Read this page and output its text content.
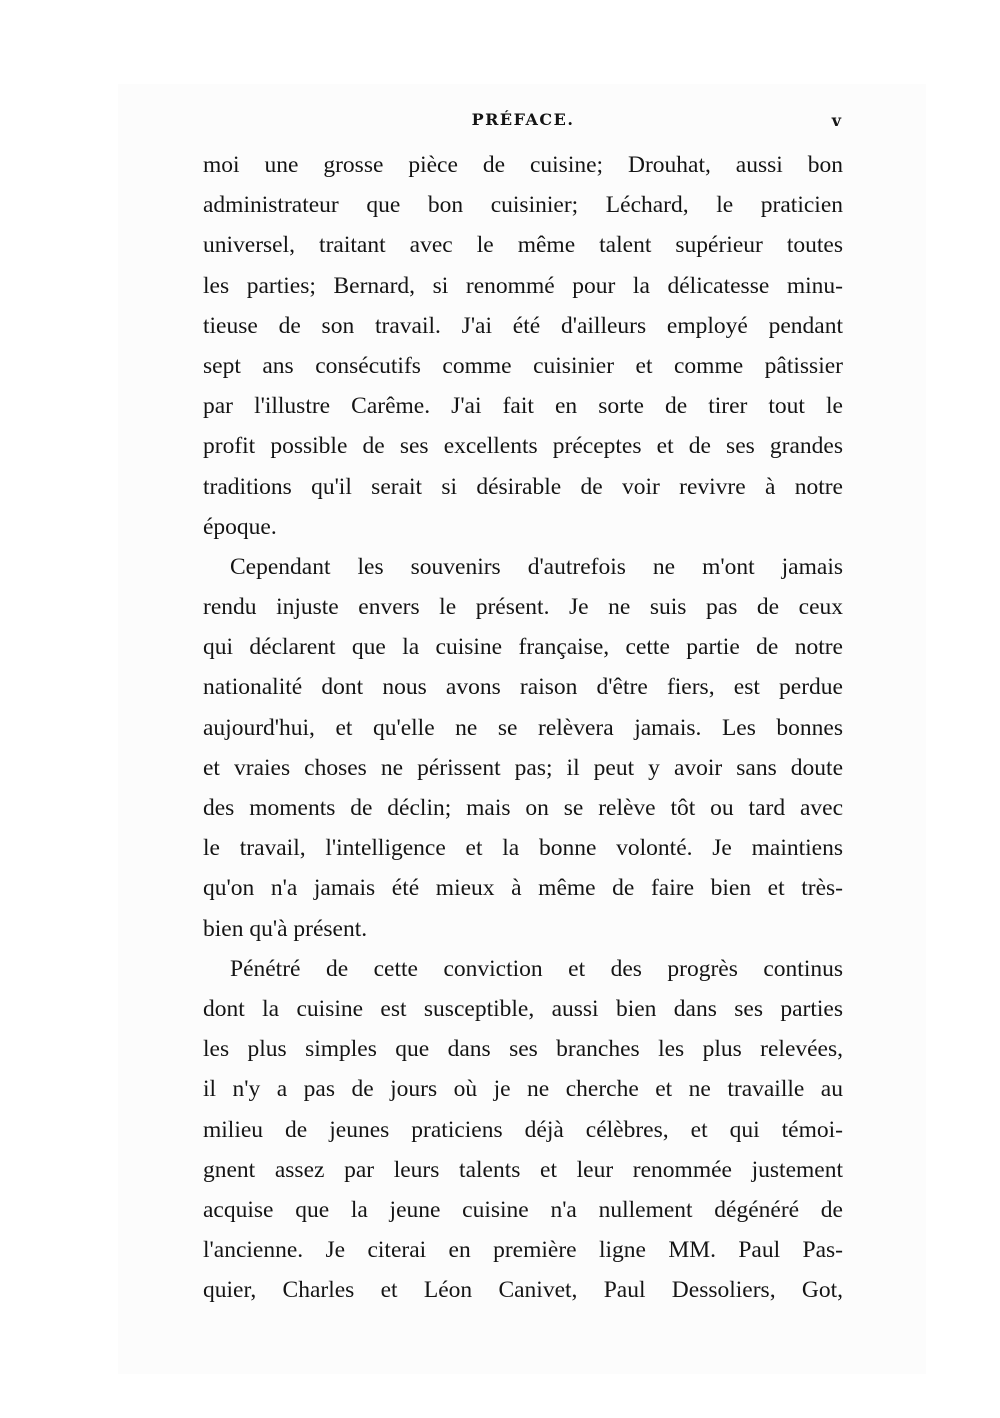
PRÉFACE.	v
moi une grosse pièce de cuisine; Drouhat, aussi bon
administrateur que bon cuisinier; Léchard, le praticien
universel, traitant avec le même talent supérieur toutes
les parties; Bernard, si renommé pour la délicatesse minu-
tieuse de son travail. J'ai été d'ailleurs employé pendant
sept ans consécutifs comme cuisinier et comme pâtissier
par l'illustre Carême. J'ai fait en sorte de tirer tout le
profit possible de ses excellents préceptes et de ses grandes
traditions qu'il serait si désirable de voir revivre à notre
époque.
Cependant les souvenirs d'autrefois ne m'ont jamais
rendu injuste envers le présent. Je ne suis pas de ceux
qui déclarent que la cuisine française, cette partie de notre
nationalité dont nous avons raison d'être fiers, est perdue
aujourd'hui, et qu'elle ne se relèvera jamais. Les bonnes
et vraies choses ne périssent pas; il peut y avoir sans doute
des moments de déclin; mais on se relève tôt ou tard avec
le travail, l'intelligence et la bonne volonté. Je maintiens
qu'on n'a jamais été mieux à même de faire bien et très-
bien qu'à présent.
Pénétré de cette conviction et des progrès continus
dont la cuisine est susceptible, aussi bien dans ses parties
les plus simples que dans ses branches les plus relevées,
il n'y a pas de jours où je ne cherche et ne travaille au
milieu de jeunes praticiens déjà célèbres, et qui témoi-
gnent assez par leurs talents et leur renommée justement
acquise que la jeune cuisine n'a nullement dégénéré de
l'ancienne. Je citerai en première ligne MM. Paul Pas-
quier, Charles et Léon Canivet, Paul Dessoliers, Got,
